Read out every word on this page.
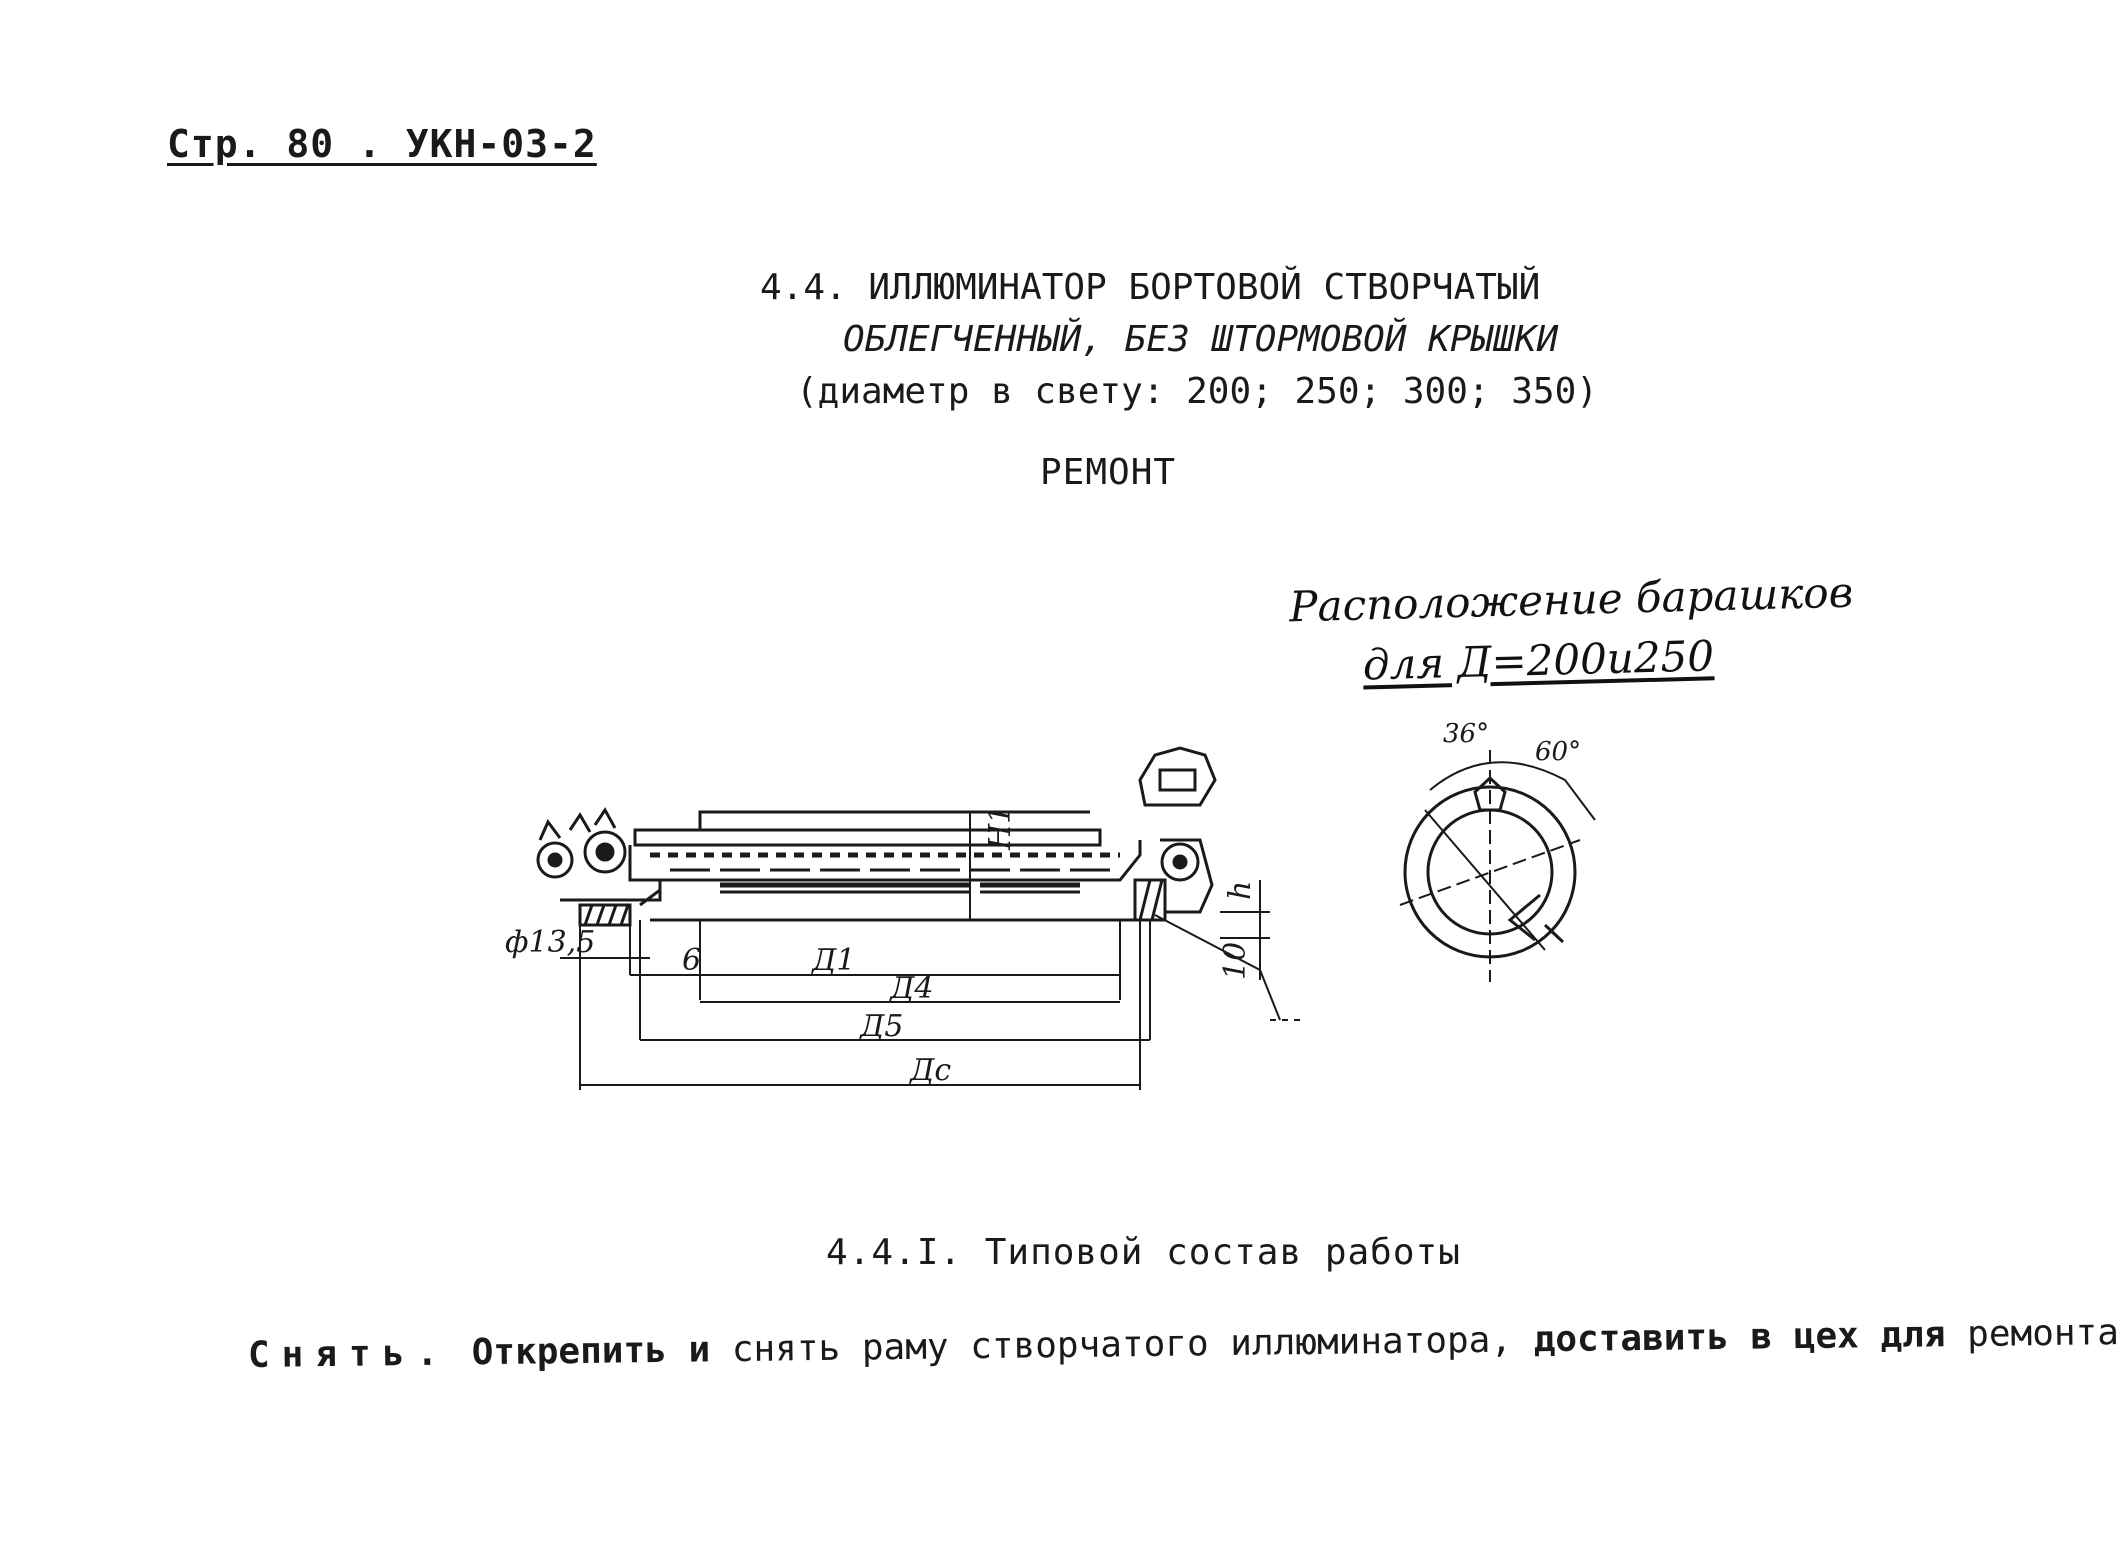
Стр. 80 . УКН-03-2
4.4. ИЛЛЮМИНАТОР БОРТОВОЙ СТВОРЧАТЫЙ
ОБЛЕГЧЕННЫЙ, БЕЗ ШТОРМОВОЙ КРЫШКИ
(диаметр в свету: 200; 250; 300; 350)
РЕМОНТ
Расположение барашков
для Д=200и250
ф13,5
6	Д1
Д4
Д5
Дс
Н1
h
10
36°
60°
4.4.I. Типовой состав работы
Снять. Открепить и снять раму створчатого иллюминатора, доставить в цех для ремонта
